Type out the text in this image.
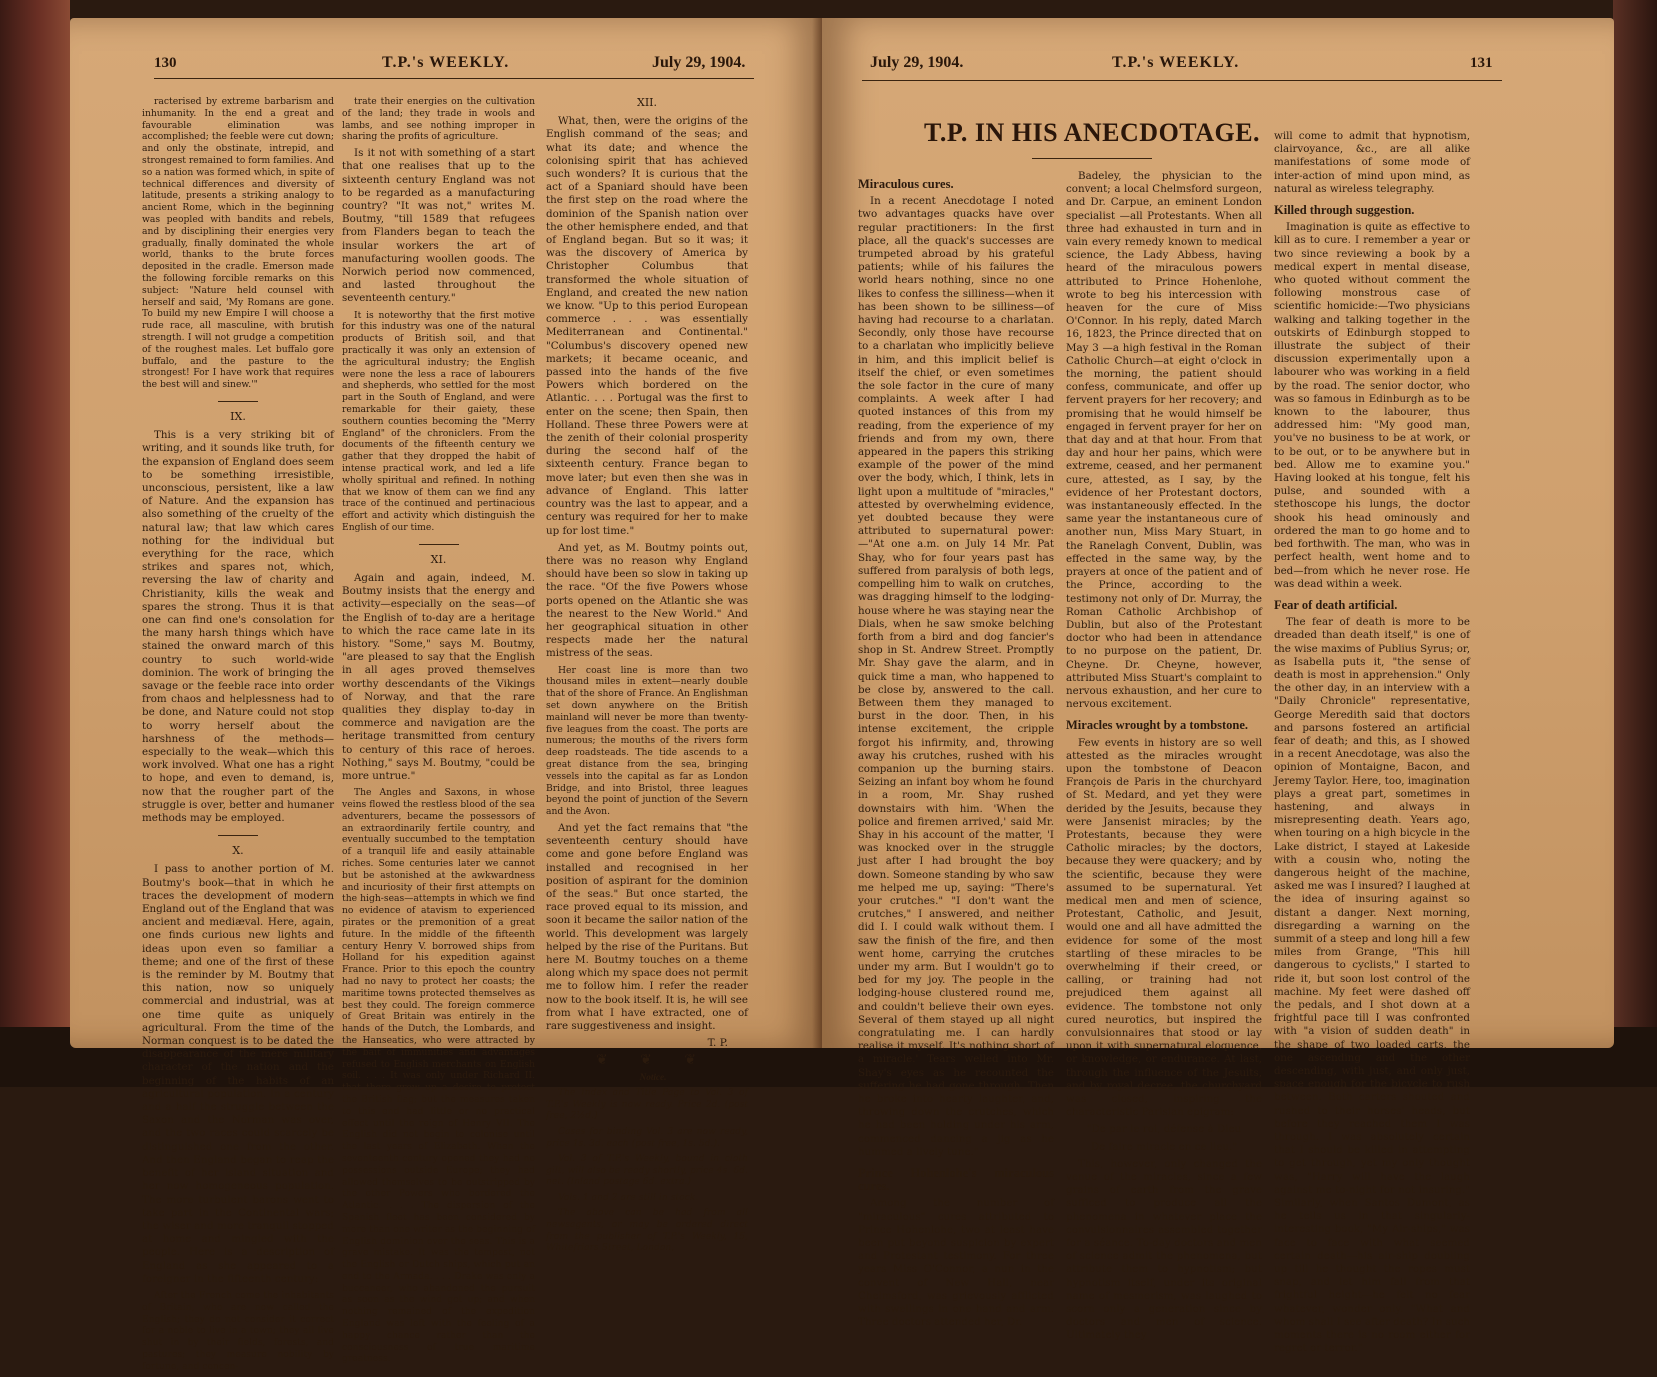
130	T.P.'s WEEKLY.	July 29, 1904.

racterised by extreme barbarism and inhumanity. In the end a great and favourable elimination was accomplished; the feeble were cut down; and only the obstinate, intrepid, and strongest remained to form families. And so a nation was formed which, in spite of technical differences and diversity of latitude, presents a striking analogy to ancient Rome, which in the beginning was peopled with bandits and rebels, and by disciplining their energies very gradually, finally dominated the whole world, thanks to the brute forces deposited in the cradle. Emerson made the following forcible remarks on this subject: "Nature held counsel with herself and said, 'My Romans are gone. To build my new Empire I will choose a rude race, all masculine, with brutish strength. I will not grudge a competition of the roughest males. Let buffalo gore buffalo, and the pasture to the strongest! For I have work that requires the best will and sinew.'"

IX.

This is a very striking bit of writing, and it sounds like truth, for the expansion of England does seem to be something irresistible, unconscious, persistent, like a law of Nature. And the expansion has also something of the cruelty of the natural law; that law which cares nothing for the individual but everything for the race, which strikes and spares not, which, reversing the law of charity and Christianity, kills the weak and spares the strong. Thus it is that one can find one's consolation for the many harsh things which have stained the onward march of this country to such world-wide dominion. The work of bringing the savage or the feeble race into order from chaos and helplessness had to be done, and Nature could not stop to worry herself about the harshness of the methods—especially to the weak—which this work involved. What one has a right to hope, and even to demand, is, now that the rougher part of the struggle is over, better and humaner methods may be employed.

X.

I pass to another portion of M. Boutmy's book—that in which he traces the development of modern England out of the England that was ancient and mediæval. Here, again, one finds curious new lights and ideas upon even so familiar a theme; and one of the first of these is the reminder by M. Boutmy that this nation, now so uniquely commercial and industrial, was at one time quite as uniquely agricultural. From the time of the Norman conquest is to be dated the disappearance of the mere military character of the nation and the beginning of the habits of an agricultural population. In a century and a half the struggle between the Saxon and the Norman was over, and the two races could scarcely be distinguished one from the other. And then England began to reap the benefit of her island situation and her now homogeneous population. The more turbulent barons went to take part in the Continental wars; the wiser and more tranquil stopped at home and mingled with the people. Here is a description of England as she appeared to a foreigner in the fifteenth century:

After the French come the inhabitants of Britain, who are now called the English; they do not consider it correct for a noble to live in a town; they all live shut in by their fields, forests, and pastures; they measure nobility by fortune, and concen-

trate their energies on the cultivation of the land; they trade in wools and lambs, and see nothing improper in sharing the profits of agriculture.

Is it not with something of a start that one realises that up to the sixteenth century England was not to be regarded as a manufacturing country? "It was not," writes M. Boutmy, "till 1589 that refugees from Flanders began to teach the insular workers the art of manufacturing woollen goods. The Norwich period now commenced, and lasted throughout the seventeenth century."

It is noteworthy that the first motive for this industry was one of the natural products of British soil, and that practically it was only an extension of the agricultural industry; the English were none the less a race of labourers and shepherds, who settled for the most part in the South of England, and were remarkable for their gaiety, these southern counties becoming the "Merry England" of the chroniclers. From the documents of the fifteenth century we gather that they dropped the habit of intense practical work, and led a life wholly spiritual and refined. In nothing that we know of them can we find any trace of the continued and pertinacious effort and activity which distinguish the English of our time.

XI.

Again and again, indeed, M. Boutmy insists that the energy and activity—especially on the seas—of the English of to-day are a heritage to which the race came late in its history. "Some," says M. Boutmy, "are pleased to say that the English in all ages proved themselves worthy descendants of the Vikings of Norway, and that the rare qualities they display to-day in commerce and navigation are the heritage transmitted from century to century of this race of heroes. Nothing," says M. Boutmy, "could be more untrue."

The Angles and Saxons, in whose veins flowed the restless blood of the sea adventurers, became the possessors of an extraordinarily fertile country, and eventually succumbed to the temptation of a tranquil life and easily attainable riches. Some centuries later we cannot but be astonished at the awkwardness and incuriosity of their first attempts on the high-seas—attempts in which we find no evidence of atavism to experienced pirates or the premonition of a great future. In the middle of the fifteenth century Henry V. borrowed ships from Holland for his expedition against France. Prior to this epoch the country had no navy to protect her coasts; the maritime towns protected themselves as best they could. The foreign commerce of Great Britain was entirely in the hands of the Dutch, the Lombards, and the Hanseatics, who were attracted by the bait of immunities and advantages refused to English merchants on English soil. . . . It was only under Richard II. that there grew up a desire to protect the British flag; but the measures taken to this end had little or no practical effect until the reign of Henry VII. The English did not begin to colonise until the last years of Elizabeth. When the seventeenth century opened they had no possessions outside Europe; they had allowed themselves to be outstripped by the other Powers who bordered the Atlantic. . . . The dispersion of the Spanish fleet has been considered by more than one writer as the beginning of English dominion over the seas. This is a grave mistake. It was the tempest, not the English or Dutch ships, which put an end to the Armada. . . . Drake was only a buccaneer, who abandoned the pursuit as soon as the wind got up; and when nothing remained of the expedition England was left with the feeling of a happy chance rather than the consciousness of true maritime greatness.

XII.

What, then, were the origins of the English command of the seas; and what its date; and whence the colonising spirit that has achieved such wonders? It is curious that the act of a Spaniard should have been the first step on the road where the dominion of the Spanish nation over the other hemisphere ended, and that of England began. But so it was; it was the discovery of America by Christopher Columbus that transformed the whole situation of England, and created the new nation we know. "Up to this period European commerce . . . was essentially Mediterranean and Continental." "Columbus's discovery opened new markets; it became oceanic, and passed into the hands of the five Powers which bordered on the Atlantic. . . . Portugal was the first to enter on the scene; then Spain, then Holland. These three Powers were at the zenith of their colonial prosperity during the second half of the sixteenth century. France began to move later; but even then she was in advance of England. This latter country was the last to appear, and a century was required for her to make up for lost time."

And yet, as M. Boutmy points out, there was no reason why England should have been so slow in taking up the race. "Of the five Powers whose ports opened on the Atlantic she was the nearest to the New World." And her geographical situation in other respects made her the natural mistress of the seas.

Her coast line is more than two thousand miles in extent—nearly double that of the shore of France. An Englishman set down anywhere on the British mainland will never be more than twenty-five leagues from the coast. The ports are numerous; the mouths of the rivers form deep roadsteads. The tide ascends to a great distance from the sea, bringing vessels into the capital as far as London Bridge, and into Bristol, three leagues beyond the point of junction of the Severn and the Avon.

And yet the fact remains that "the seventeenth century should have come and gone before England was installed and recognised in her position of aspirant for the dominion of the seas." But once started, the race proved equal to its mission, and soon it became the sailor nation of the world. This development was largely helped by the rise of the Puritans. But here M. Boutmy touches on a theme along which my space does not permit me to follow him. I refer the reader now to the book itself. It is, he will see from what I have extracted, one of rare suggestiveness and insight.

T. P.

❦ ❦ ❦

Notice.

The Index and Title Page to Vol. 3 of T.P.'s Weekly is now ready. Price 2d. (post free, 2½d.)

Cases for binding Vol. 3 are now ready, price 1s. 3d. each (post free, 1s. 5d.).

Vol. 3 of T.P.'s Weekly, bound in cloth gilt, will also be ready shortly, price 4s. 6d. net. (Inland postage 6d. extra.)

Vols. 1 and 2 are still in stock.

The above can be had from all newsagents, or may be ordered direct from the publisher of T.P.'s Weekly, 15, Whitefriars Street, London,

July 29, 1904.	T.P.'s WEEKLY.	131
T.P. IN HIS ANECDOTAGE.
Miraculous cures.

In a recent Anecdotage I noted two advantages quacks have over regular practitioners: In the first place, all the quack's successes are trumpeted abroad by his grateful patients; while of his failures the world hears nothing, since no one likes to confess the silliness—when it has been shown to be silliness—of having had recourse to a charlatan. Secondly, only those have recourse to a charlatan who implicitly believe in him, and this implicit belief is itself the chief, or even sometimes the sole factor in the cure of many complaints. A week after I had quoted instances of this from my reading, from the experience of my friends and from my own, there appeared in the papers this striking example of the power of the mind over the body, which, I think, lets in light upon a multitude of "miracles," attested by overwhelming evidence, yet doubted because they were attributed to supernatural power:—"At one a.m. on July 14 Mr. Pat Shay, who for four years past has suffered from paralysis of both legs, compelling him to walk on crutches, was dragging himself to the lodging-house where he was staying near the Dials, when he saw smoke belching forth from a bird and dog fancier's shop in St. Andrew Street. Promptly Mr. Shay gave the alarm, and in quick time a man, who happened to be close by, answered to the call. Between them they managed to burst in the door. Then, in his intense excitement, the cripple forgot his infirmity, and, throwing away his crutches, rushed with his companion up the burning stairs. Seizing an infant boy whom he found in a room, Mr. Shay rushed downstairs with him. 'When the police and firemen arrived,' said Mr. Shay in his account of the matter, 'I was knocked over in the struggle just after I had brought the boy down. Someone standing by who saw me helped me up, saying: "There's your crutches." "I don't want the crutches," I answered, and neither did I. I could walk without them. I saw the finish of the fire, and then went home, carrying the crutches under my arm. But I wouldn't go to bed for my joy. The people in the lodging-house clustered round me, and couldn't believe their own eyes. Several of them stayed up all night congratulating me. I can hardly realise it myself. It's nothing short of a miracle.' Tears welled into Mr. Shay's eyes as he recounted the suffering he had gone through. Then he broke into hearty laughter, and, throwing down the crutches, which he had been holding under his arm, commenced dancing a jig as he hummed a lively tune."

Prince Hohenlohe's miraculous cures.

Among the number of "miraculous" cures attributed to Prince Hohenlohe, two at least have been put beyond suspicion by expert and Protestant testimony. For three years Miss O'Connor, a nun in the convent of New Hall, near Chelmsford, was grievously afflicted with swellings in one hand and arm. Three doctors attended her, Dr.

Badeley, the physician to the convent; a local Chelmsford surgeon, and Dr. Carpue, an eminent London specialist —all Protestants. When all three had exhausted in turn and in vain every remedy known to medical science, the Lady Abbess, having heard of the miraculous powers attributed to Prince Hohenlohe, wrote to beg his intercession with heaven for the cure of Miss O'Connor. In his reply, dated March 16, 1823, the Prince directed that on May 3 —a high festival in the Roman Catholic Church—at eight o'clock in the morning, the patient should confess, communicate, and offer up fervent prayers for her recovery; and promising that he would himself be engaged in fervent prayer for her on that day and at that hour. From that day and hour her pains, which were extreme, ceased, and her permanent cure, attested, as I say, by the evidence of her Protestant doctors, was instantaneously effected. In the same year the instantaneous cure of another nun, Miss Mary Stuart, in the Ranelagh Convent, Dublin, was effected in the same way, by the prayers at once of the patient and of the Prince, according to the testimony not only of Dr. Murray, the Roman Catholic Archbishop of Dublin, but also of the Protestant doctor who had been in attendance to no purpose on the patient, Dr. Cheyne. Dr. Cheyne, however, attributed Miss Stuart's complaint to nervous exhaustion, and her cure to nervous excitement.

Miracles wrought by a tombstone.

Few events in history are so well attested as the miracles wrought upon the tombstone of Deacon François de Paris in the churchyard of St. Medard, and yet they were derided by the Jesuits, because they were Jansenist miracles; by the Protestants, because they were Catholic miracles; by the doctors, because they were quackery; and by the scientific, because they were assumed to be supernatural. Yet medical men and men of science, Protestant, Catholic, and Jesuit, would one and all have admitted the evidence for some of the most startling of these miracles to be overwhelming if their creed, or calling, or training had not prejudiced them against all evidence. The tombstone not only cured neurotics, but inspired the convulsionnaires that stood or lay upon it with supernatural eloquence, or knowledge, or endurance. At last, through the influence of the Jesuits, and by royal decree, the churchyard was closed, inspiring the characteristic Parisian epigram:

"De par le roi, défense à Dieu

De faire miracle en ce lieu."

This, however, only changed the venue of the miracles, since a few grains of earth from the grave sufficed to produce all the phenomena in whatever place the convulsionnaires assembled together for a séance. To-day doctors and men of science admit the phenomena, but attribute them to hypnotism; but hypnotism itself, under its original name of mesmerism, was laughed to scorn only a generation since by doctors and men of science. Ultimately they

will come to admit that hypnotism, clairvoyance, &c., are all alike manifestations of some mode of inter-action of mind upon mind, as natural as wireless telegraphy.

Killed through suggestion.

Imagination is quite as effective to kill as to cure. I remember a year or two since reviewing a book by a medical expert in mental disease, who quoted without comment the following monstrous case of scientific homicide:—Two physicians walking and talking together in the outskirts of Edinburgh stopped to illustrate the subject of their discussion experimentally upon a labourer who was working in a field by the road. The senior doctor, who was so famous in Edinburgh as to be known to the labourer, thus addressed him: "My good man, you've no business to be at work, or to be out, or to be anywhere but in bed. Allow me to examine you." Having looked at his tongue, felt his pulse, and sounded with a stethoscope his lungs, the doctor shook his head ominously and ordered the man to go home and to bed forthwith. The man, who was in perfect health, went home and to bed—from which he never rose. He was dead within a week.

Fear of death artificial.

The fear of death is more to be dreaded than death itself," is one of the wise maxims of Publius Syrus; or, as Isabella puts it, "the sense of death is most in apprehension." Only the other day, in an interview with a "Daily Chronicle" representative, George Meredith said that doctors and parsons fostered an artificial fear of death; and this, as I showed in a recent Anecdotage, was also the opinion of Montaigne, Bacon, and Jeremy Taylor. Here, too, imagination plays a great part, sometimes in hastening, and always in misrepresenting death. Years ago, when touring on a high bicycle in the Lake district, I stayed at Lakeside with a cousin who, noting the dangerous height of the machine, asked me was I insured? I laughed at the idea of insuring against so distant a danger. Next morning, disregarding a warning on the summit of a steep and long hill a few miles from Grange, "This hill dangerous to cyclists," I started to ride it, but soon lost control of the machine. My feet were dashed off the pedals, and I shot down at a frightful pace till I was confronted with "a vision of sudden death" in the shape of two loaded carts, the one ascending and the other descending, with just, and only just, space enough for the bicycle to rush between. Both carters shouted and rushed to their horses' heads, but before they reached them I was through. I was absolutely certain that I should be killed in attempting to get through, yet my only thought was, "Harry will have the laugh against me to-night for not insuring." Similarly, when Santos Dumont, as he tells us in that singularly-interesting book, "My Air-ships," was face to face with what seemed certain death—his air-ship doubling up till he thought the ropes must snap, and let him fall from that frightful height—he felt no fear whatever, wonder only. "What and whom shall I see after death? In such moments there is no room either for regret or terror."
